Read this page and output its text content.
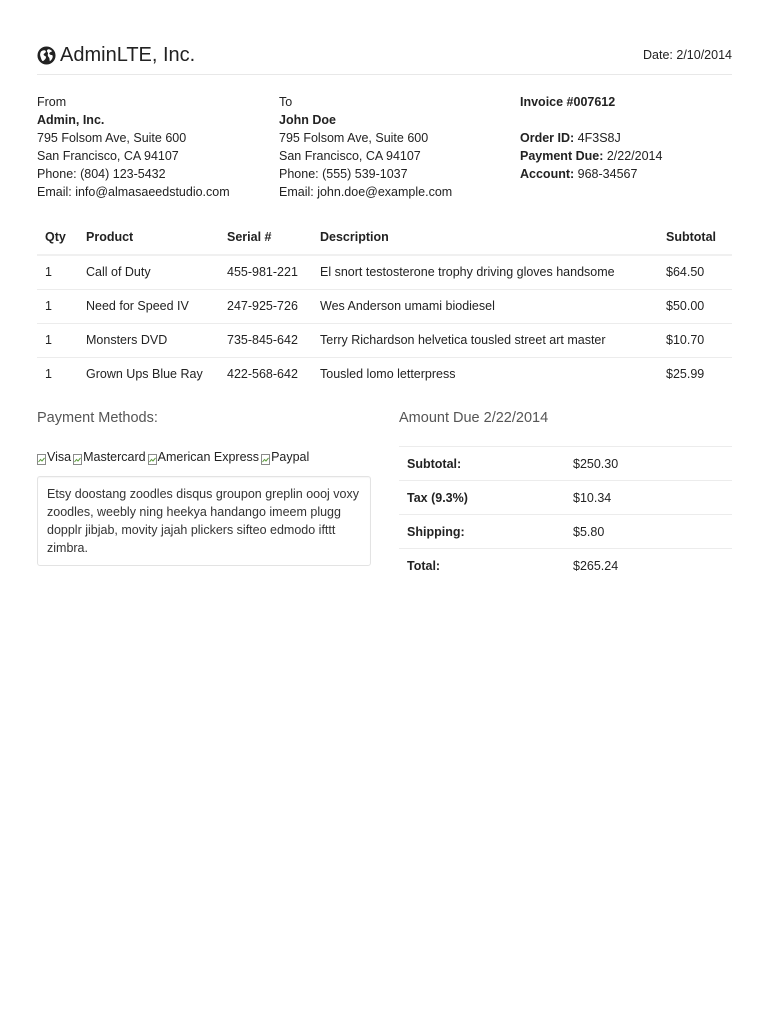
AdminLTE, Inc.	Date: 2/10/2014
From
Admin, Inc.
795 Folsom Ave, Suite 600
San Francisco, CA 94107
Phone: (804) 123-5432
Email: info@almasaeedstudio.com
To
John Doe
795 Folsom Ave, Suite 600
San Francisco, CA 94107
Phone: (555) 539-1037
Email: john.doe@example.com
Invoice #007612
Order ID: 4F3S8J
Payment Due: 2/22/2014
Account: 968-34567
Qty	Product	Serial #	Description	Subtotal
1	Call of Duty	455-981-221	El snort testosterone trophy driving gloves handsome	$64.50
1	Need for Speed IV	247-925-726	Wes Anderson umami biodiesel	$50.00
1	Monsters DVD	735-845-642	Terry Richardson helvetica tousled street art master	$10.70
1	Grown Ups Blue Ray	422-568-642	Tousled lomo letterpress	$25.99
Payment Methods:
Visa Mastercard American Express Paypal
Etsy doostang zoodles disqus groupon greplin oooj voxy zoodles, weebly ning heekya handango imeem plugg dopplr jibjab, movity jajah plickers sifteo edmodo ifttt zimbra.
Amount Due 2/22/2014
Subtotal:	$250.30
Tax (9.3%)	$10.34
Shipping:	$5.80
Total:	$265.24
